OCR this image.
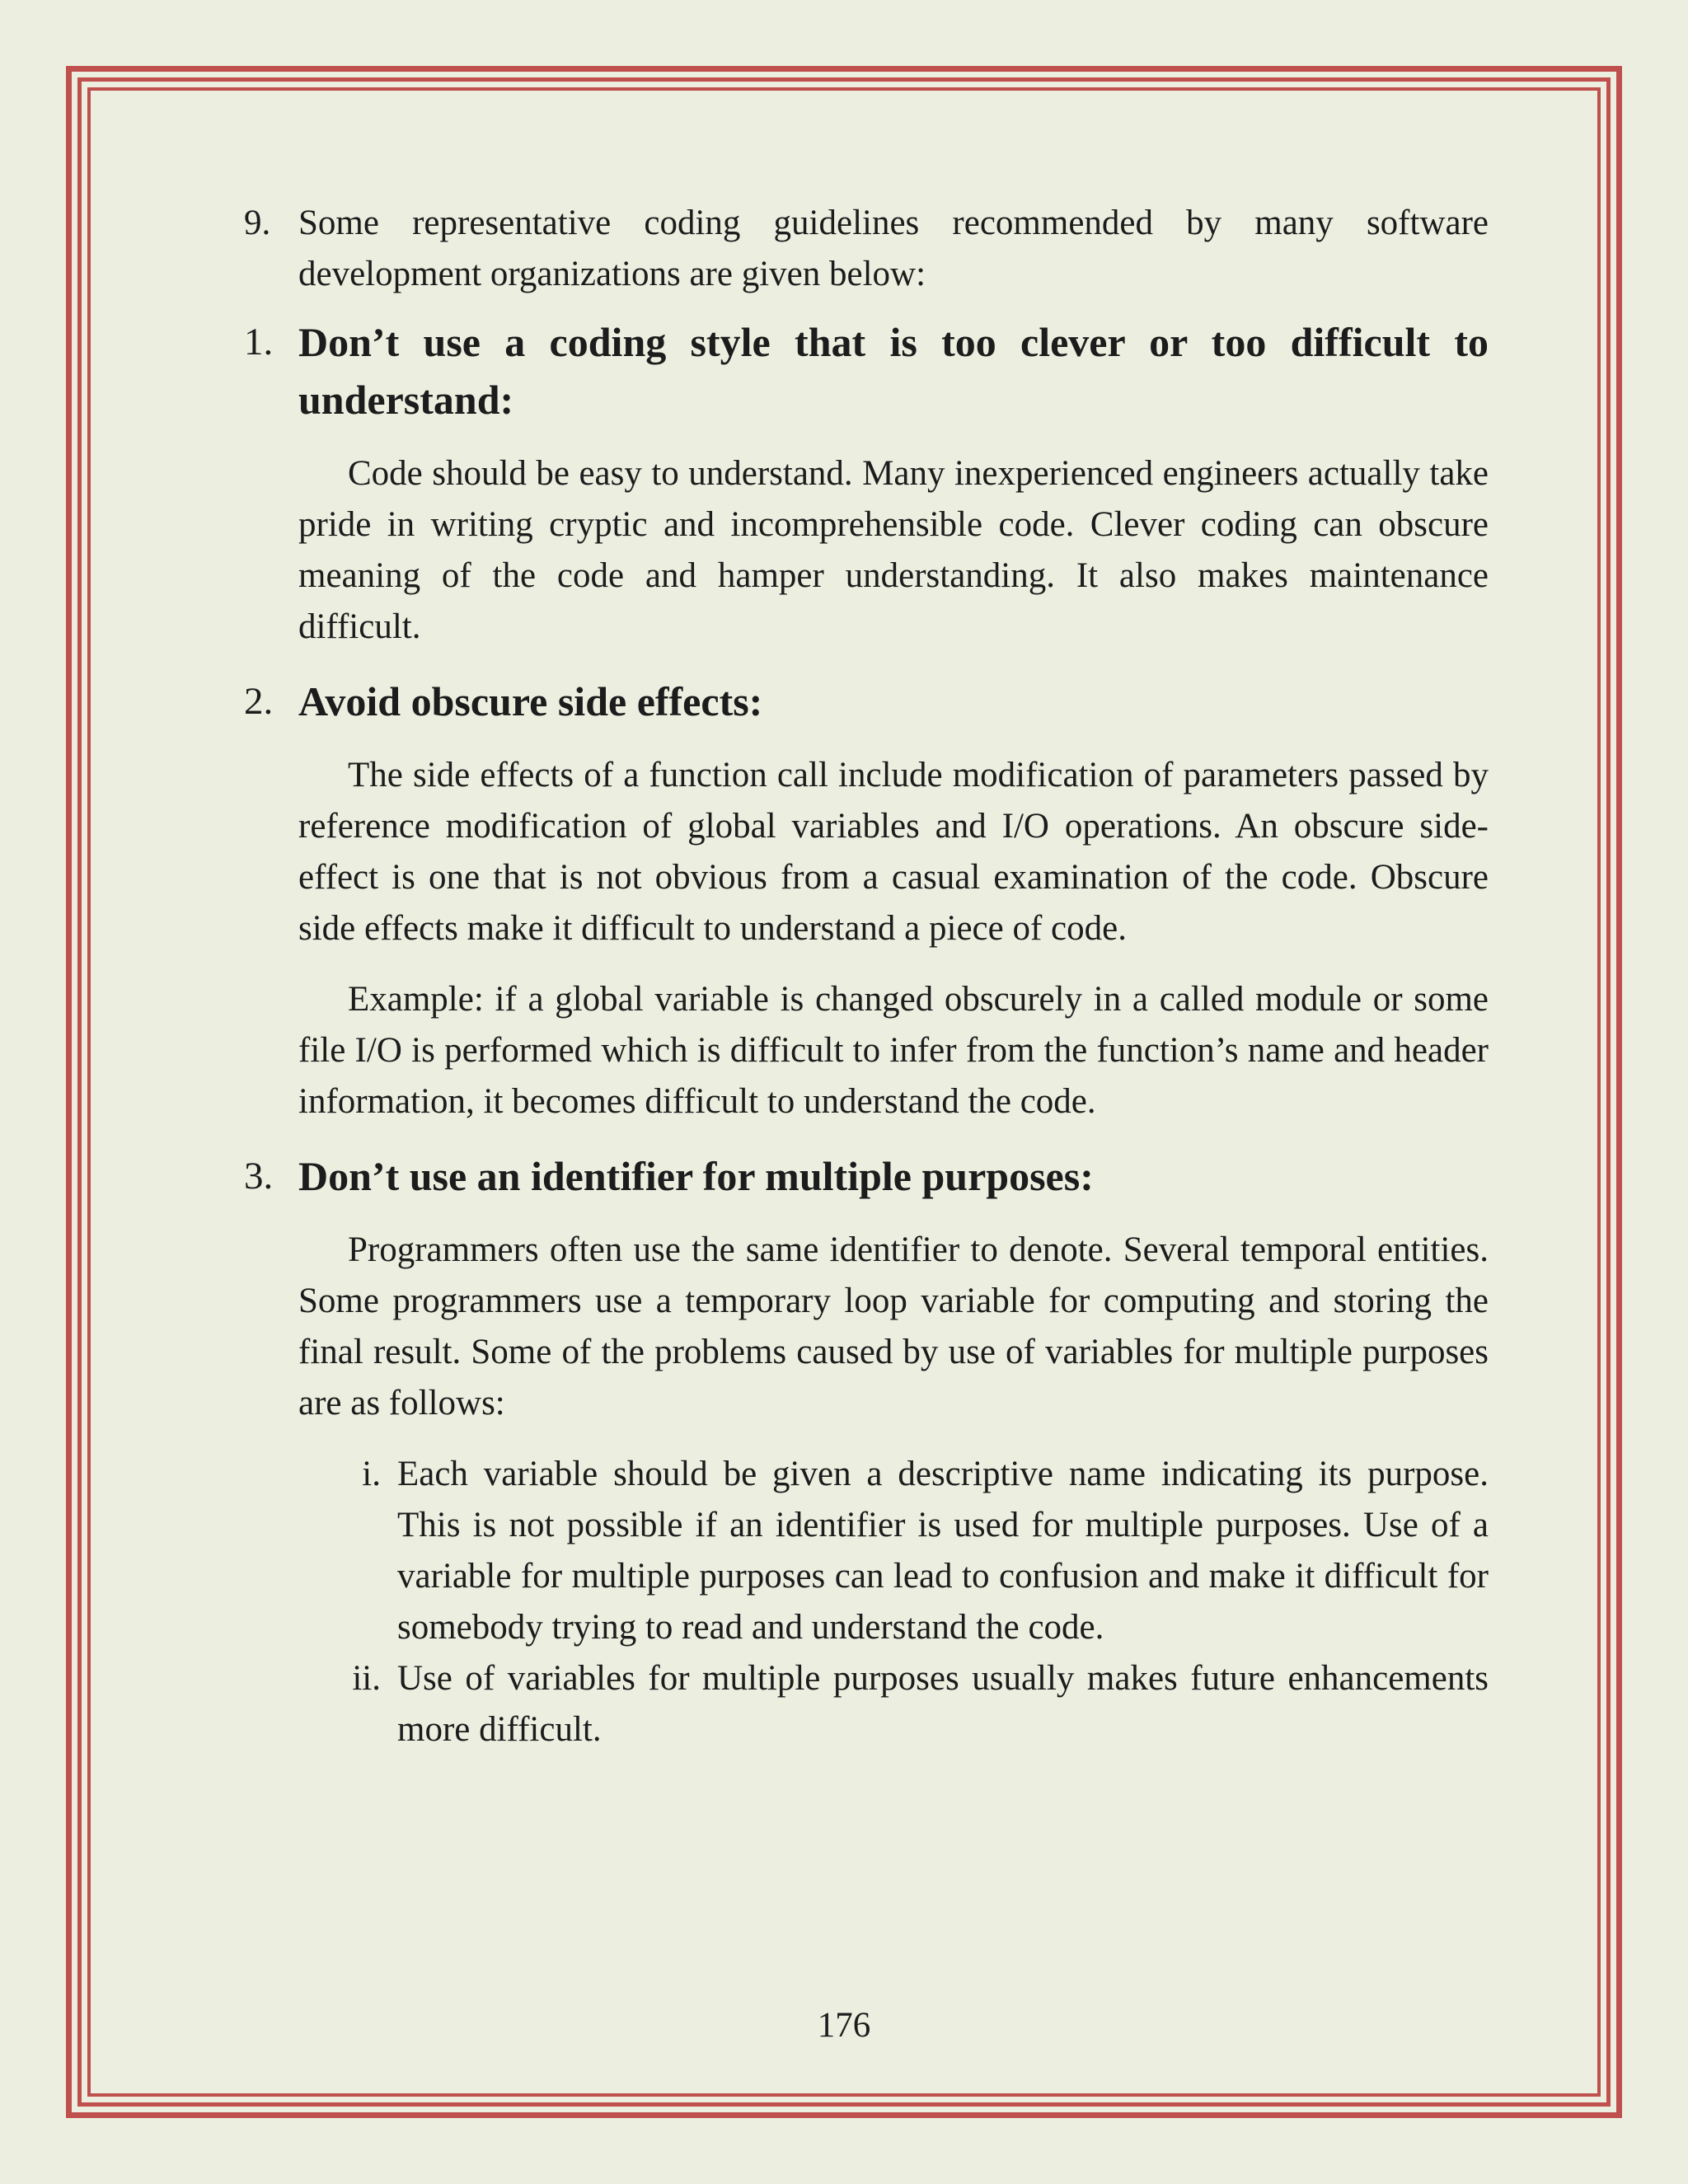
9. Some representative coding guidelines recommended by many software development organizations are given below:
1. Don’t use a coding style that is too clever or too difficult to understand:

Code should be easy to understand. Many inexperienced engineers actually take pride in writing cryptic and incomprehensible code. Clever coding can obscure meaning of the code and hamper understanding. It also makes maintenance difficult.

2. Avoid obscure side effects:

The side effects of a function call include modification of parameters passed by reference modification of global variables and I/O operations. An obscure side-effect is one that is not obvious from a casual examination of the code. Obscure side effects make it difficult to understand a piece of code.

Example: if a global variable is changed obscurely in a called module or some file I/O is performed which is difficult to infer from the function’s name and header information, it becomes difficult to understand the code.

3. Don’t use an identifier for multiple purposes:

Programmers often use the same identifier to denote. Several temporal entities. Some programmers use a temporary loop variable for computing and storing the final result. Some of the problems caused by use of variables for multiple purposes are as follows:

i. Each variable should be given a descriptive name indicating its purpose. This is not possible if an identifier is used for multiple purposes. Use of a variable for multiple purposes can lead to confusion and make it difficult for somebody trying to read and understand the code.
ii. Use of variables for multiple purposes usually makes future enhancements more difficult.
176
